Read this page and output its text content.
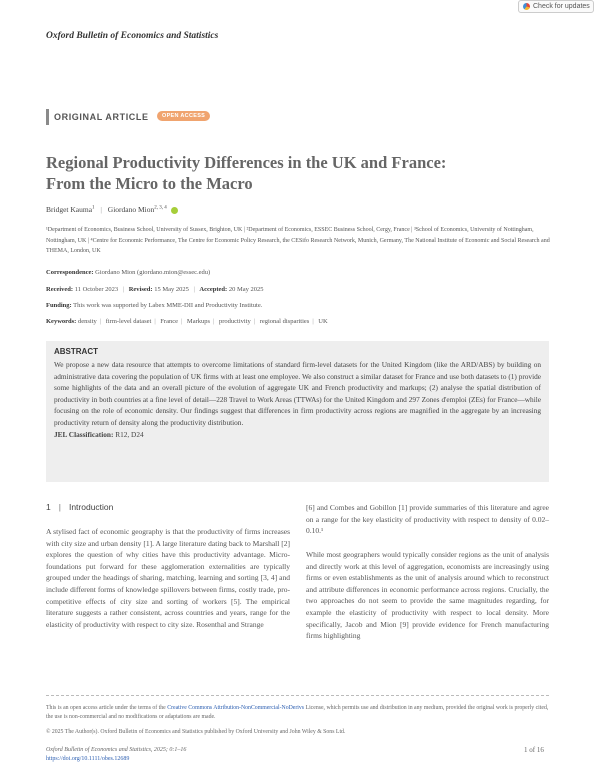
Check for updates
Oxford Bulletin of Economics and Statistics
ORIGINAL ARTICLE	OPEN ACCESS
Regional Productivity Differences in the UK and France:
From the Micro to the Macro
Bridget Kauma$^1$ | Giordano Mion$^{2, 3, 4}$
¹Department of Economics, Business School, University of Sussex, Brighton, UK | ²Department of Economics, ESSEC Business School, Cergy, France | ³School of Economics, University of Nottingham, Nottingham, UK | ⁴Centre for Economic Performance, The Centre for Economic Policy Research, the CESifo Research Network, Munich, Germany, The National Institute of Economic and Social Research and THEMA, London, UK
Correspondence: Giordano Mion (giordano.mion@essec.edu)
Received: 11 October 2023 | Revised: 15 May 2025 | Accepted: 20 May 2025
Funding: This work was supported by Labex MME-DII and Productivity Institute.
Keywords: density | firm-level dataset | France | Markups | productivity | regional disparities | UK
ABSTRACT

We propose a new data resource that attempts to overcome limitations of standard firm-level datasets for the United Kingdom (like the ARD/ABS) by building on administrative data covering the population of UK firms with at least one employee. We also construct a similar dataset for France and use both datasets to (1) provide some highlights of the data and an overall picture of the evolution of aggregate UK and French productivity and markups; (2) analyse the spatial distribution of productivity in both countries at a fine level of detail—228 Travel to Work Areas (TTWAs) for the United Kingdom and 297 Zones d'emploi (ZEs) for France—while focusing on the role of economic density. Our findings suggest that differences in firm productivity across regions are magnified in the aggregate by an increasing productivity return of density along the productivity distribution.

JEL Classification: R12, D24
1 | Introduction
A stylised fact of economic geography is that the productivity of firms increases with city size and urban density [1]. A large literature dating back to Marshall [2] explores the question of why cities have this productivity advantage. Micro-foundations put forward for these agglomeration externalities are typically grouped under the headings of sharing, matching, learning and sorting [3, 4] and include different forms of knowledge spillovers between firms, costly trade, pro-competitive effects of city size and sorting of workers [5]. The empirical literature suggests a rather consistent, across countries and years, range for the elasticity of productivity with respect to city size. Rosenthal and Strange
[6] and Combes and Gobillon [1] provide summaries of this literature and agree on a range for the key elasticity of productivity with respect to density of 0.02–0.10.¹
While most geographers would typically consider regions as the unit of analysis and directly work at this level of aggregation, economists are increasingly using firms or even establishments as the unit of analysis around which to reconstruct and attribute differences in economic performance across regions. Crucially, the two approaches do not seem to provide the same magnitudes regarding, for example the elasticity of productivity with respect to local density. More specifically, Jacob and Mion [9] provide evidence for French manufacturing firms highlighting
This is an open access article under the terms of the Creative Commons Attribution-NonCommercial-NoDerivs License, which permits use and distribution in any medium, provided the original work is properly cited, the use is non-commercial and no modifications or adaptations are made.
© 2025 The Author(s). Oxford Bulletin of Economics and Statistics published by Oxford University and John Wiley & Sons Ltd.
Oxford Bulletin of Economics and Statistics, 2025; 0:1–16
https://doi.org/10.1111/obes.12689
1 of 16
